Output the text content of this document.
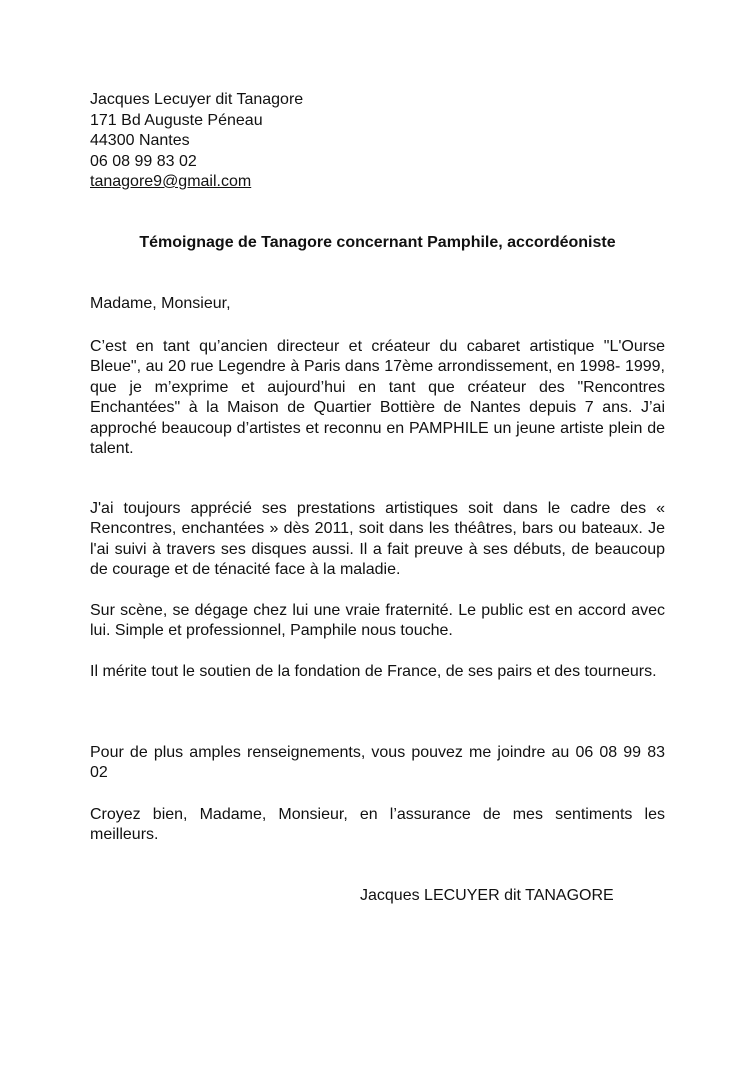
Jacques Lecuyer dit Tanagore
171 Bd Auguste Péneau
44300 Nantes
06 08 99 83 02
tanagore9@gmail.com
Témoignage de Tanagore concernant Pamphile, accordéoniste

Madame, Monsieur,

C’est en tant qu’ancien directeur et créateur du cabaret artistique "L'Ourse Bleue", au 20 rue Legendre à Paris dans 17ème arrondissement, en 1998- 1999, que je m’exprime et aujourd’hui en tant que créateur des "Rencontres Enchantées" à la Maison de Quartier Bottière de Nantes depuis 7 ans. J’ai approché beaucoup d’artistes et reconnu en PAMPHILE un jeune artiste plein de talent.

J'ai toujours apprécié ses prestations artistiques soit dans le cadre des « Rencontres, enchantées » dès 2011, soit dans les théâtres, bars ou bateaux. Je l'ai suivi à travers ses disques aussi. Il a fait preuve à ses débuts, de beaucoup de courage et de ténacité face à la maladie.

Sur scène, se dégage chez lui une vraie fraternité. Le public est en accord avec lui. Simple et professionnel, Pamphile nous touche.

Il mérite tout le soutien de la fondation de France, de ses pairs et des tourneurs.

Pour de plus amples renseignements, vous pouvez me joindre au 06 08 99 83 02

Croyez bien, Madame, Monsieur, en l’assurance de mes sentiments les meilleurs.

Jacques LECUYER dit TANAGORE
